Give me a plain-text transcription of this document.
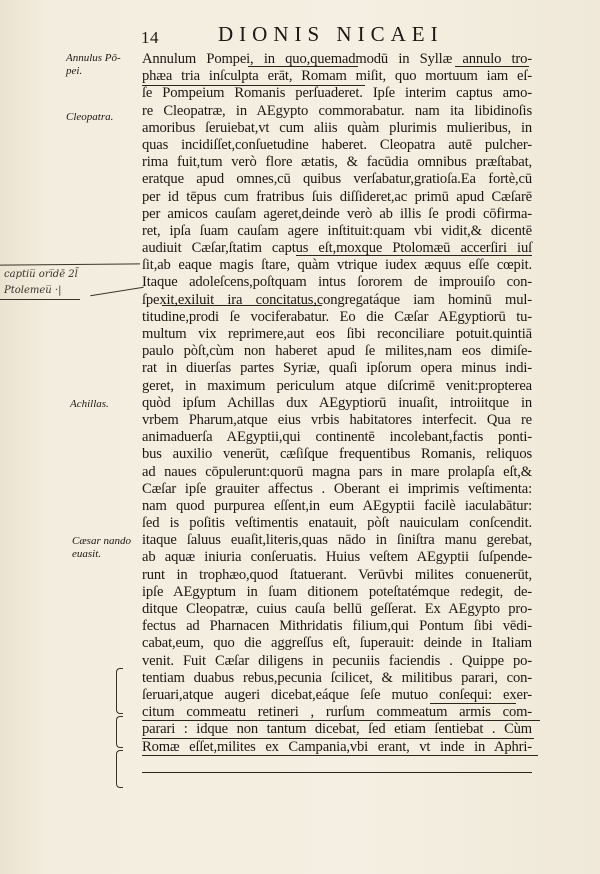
14	DIONIS NICAEI
Annulus Pō-
pei.
Cleopatra.
Achillas.
Cæsar nando
euasit.
captiu̅ ori̅dē 2l̄
Ptolemeu̅ ·|
Annulum Pompei, in quo,quemadmodū in Syllæ annulo tro-
phæa tria inſculpta erāt, Romam miſit, quo mortuum iam eſ-
ſe Pompeium Romanis perſuaderet. Ipſe interim captus amo-
re Cleopatræ, in AEgypto commorabatur. nam ita libidinoſis
amoribus ſeruiebat,vt cum aliis quàm plurimis mulieribus, in
quas incidiſſet,conſuetudine haberet. Cleopatra autē pulcher-
rima fuit,tum verò flore ætatis, & facūdia omnibus præſtabat,
eratque apud omnes,cū quibus verſabatur,gratioſa.Ea fortè,cū
per id tēpus cum fratribus ſuis diſſideret,ac primū apud Cæſarē
per amicos cauſam ageret,deinde verò ab illis ſe prodi cōfirma-
ret, ipſa ſuam cauſam agere inſtituit:quam vbi vidit,& dicentē
audiuit Cæſar,ſtatim captus eſt,moxque Ptolomæū accerſiri iuſ
ſit,ab eaque magis ſtare, quàm vtrique iudex æquus eſſe cœpit.
Itaque adoleſcens,poſtquam intus ſororem de improuiſo con-
ſpexit,exiluit ira concitatus,congregatáque iam hominū mul-
titudine,prodi ſe vociferabatur. Eo die Cæſar AEgyptiorū tu-
multum vix reprimere,aut eos ſibi reconciliare potuit.quintiā
paulo pòſt,cùm non haberet apud ſe milites,nam eos dimiſe-
rat in diuerſas partes Syriæ, quaſi ipſorum opera minus indi-
geret, in maximum periculum atque diſcrimē venit:propterea
quòd ipſum Achillas dux AEgyptiorū inuaſit, introiitque in
vrbem Pharum,atque eius vrbis habitatores interfecit. Qua re
animaduerſa AEgyptii,qui continentē incolebant,factis ponti-
bus auxilio venerūt, cæſiſque frequentibus Romanis, reliquos
ad naues cōpulerunt:quorū magna pars in mare prolapſa eſt,&
Cæſar ipſe grauiter affectus . Oberant ei imprimis veſtimenta:
nam quod purpurea eſſent,in eum AEgyptii facilè iaculabātur:
ſed is poſitis veſtimentis enatauit, pòſt nauiculam conſcendit.
itaque ſaluus euaſit,literis,quas nādo in ſiniſtra manu gerebat,
ab aquæ iniuria conſeruatis. Huius veſtem AEgyptii ſuſpende-
runt in trophæo,quod ſtatuerant. Verūvbi milites conuenerūt,
ipſe AEgyptum in ſuam ditionem poteſtatémque redegit, de-
ditque Cleopatræ, cuius cauſa bellū geſſerat. Ex AEgypto pro-
fectus ad Pharnacen Mithridatis filium,qui Pontum ſibi vēdi-
cabat,eum, quo die aggreſſus eſt, ſuperauit: deinde in Italiam
venit. Fuit Cæſar diligens in pecuniis faciendis . Quippe po-
tentiam duabus rebus,pecunia ſcilicet, & militibus parari, con-
ſeruari,atque augeri dicebat,eáque ſeſe mutuo conſequi: exer-
citum commeatu retineri , rurſum commeatum armis com-
parari : idque non tantum dicebat, ſed etiam ſentiebat . Cùm
Romæ eſſet,milites ex Campania,vbi erant, vt inde in Aphri-
